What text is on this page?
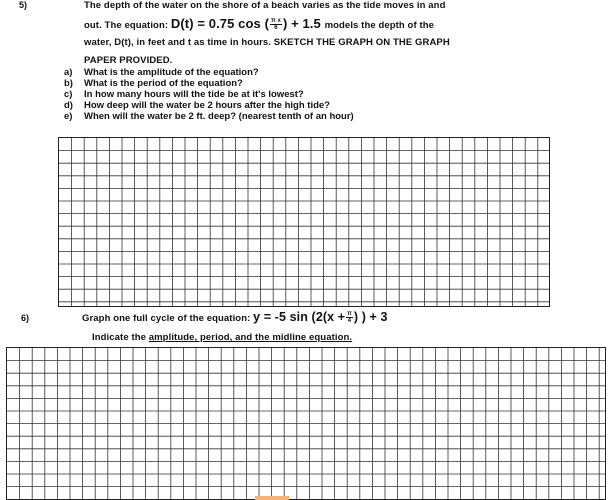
5)	The depth of the water on the shore of a beach varies as the tide moves in and
out. The equation: D(t) = 0.75 cos ( $\frac{\text{π x}}{6}$ ) + 1.5 models the depth of the
water, D(t), in feet and t as time in hours. SKETCH THE GRAPH ON THE GRAPH
PAPER PROVIDED.
a)	What is the amplitude of the equation?
b)	What is the period of the equation?
c)	In how many hours will the tide be at it's lowest?
d)	How deep will the water be 2 hours after the high tide?
e)	When will the water be 2 ft. deep? (nearest tenth of an hour)
6)	Graph one full cycle of the equation: y = -5 $\sin (2(x + \frac{\pi}{4}$ ) ) + 3
Indicate the amplitude, period, and the midline equation.
